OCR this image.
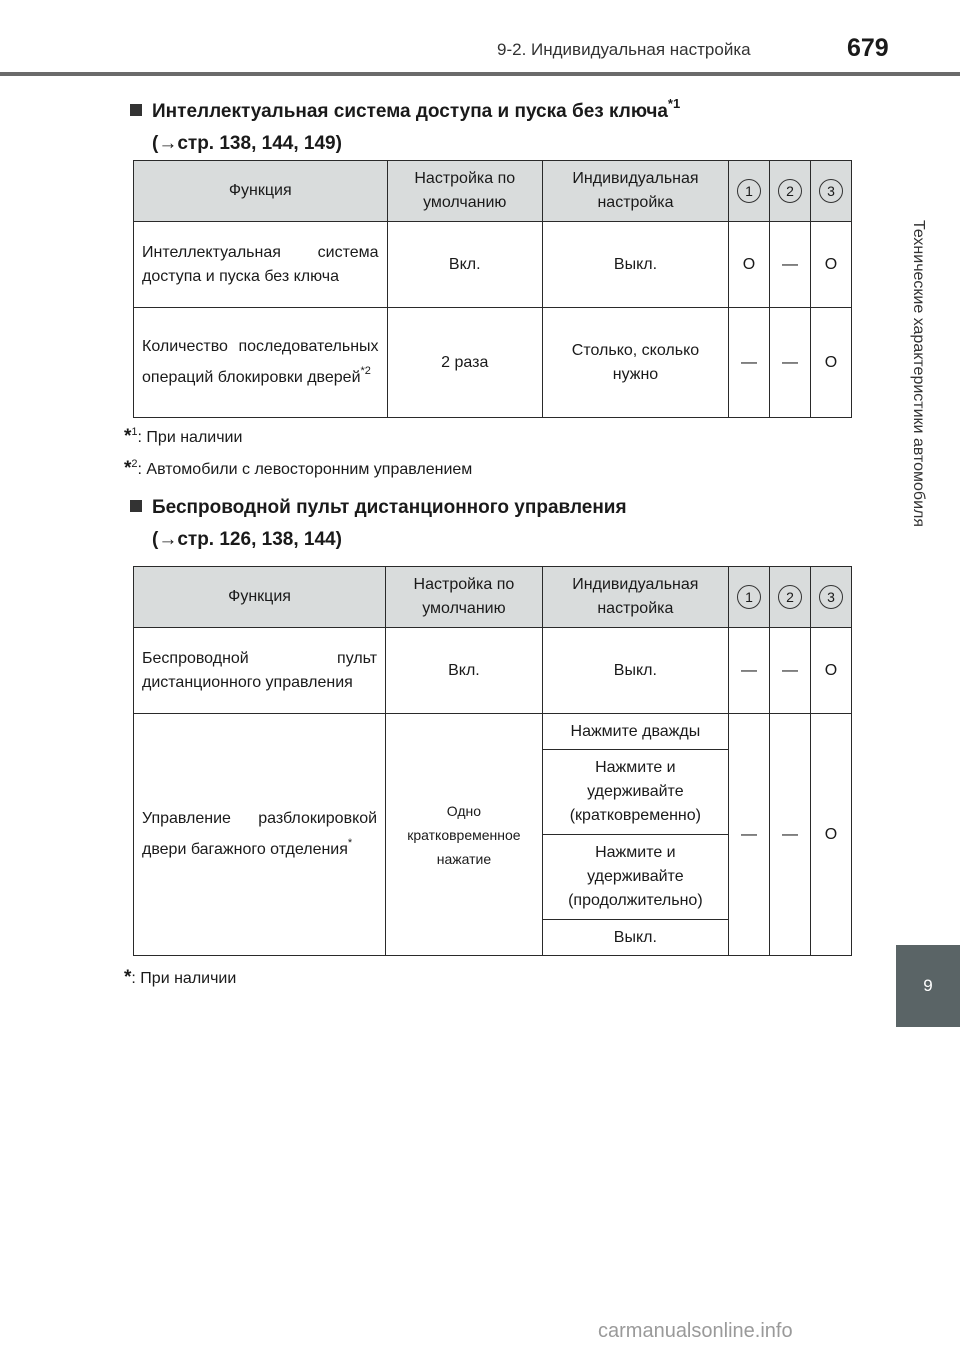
9-2. Индивидуальная настройка	679
Технические характеристики автомобиля
9
Интеллектуальная система доступа и пуска без ключа$^{*1}$
(→стр. 138, 144, 149)
Функция	Настройка по умолчанию	Индивидуальная настройка	1	2	3
Интеллектуальная система доступа и пуска без ключа	Вкл.	Выкл.	O	—	O
Количество последовательных операций блокировки дверей$^{*2}$	2 раза	Столько, сколько нужно	—	—	O
*$^1$: При наличии
*$^2$: Автомобили с левосторонним управлением
Беспроводной пульт дистанционного управления
(→стр. 126, 138, 144)
Функция	Настройка по умолчанию	Индивидуальная настройка	1	2	3
Беспроводной пульт дистанционного управления	Вкл.	Выкл.	—	—	O
Управление разблокировкой двери багажного отделения*	Одно кратковременное нажатие	Нажмите дважды	—	—	O
		Нажмите и удерживайте (кратковременно)			
		Нажмите и удерживайте (продолжительно)			
		Выкл.			
*: При наличии
carmanualsonline.info
